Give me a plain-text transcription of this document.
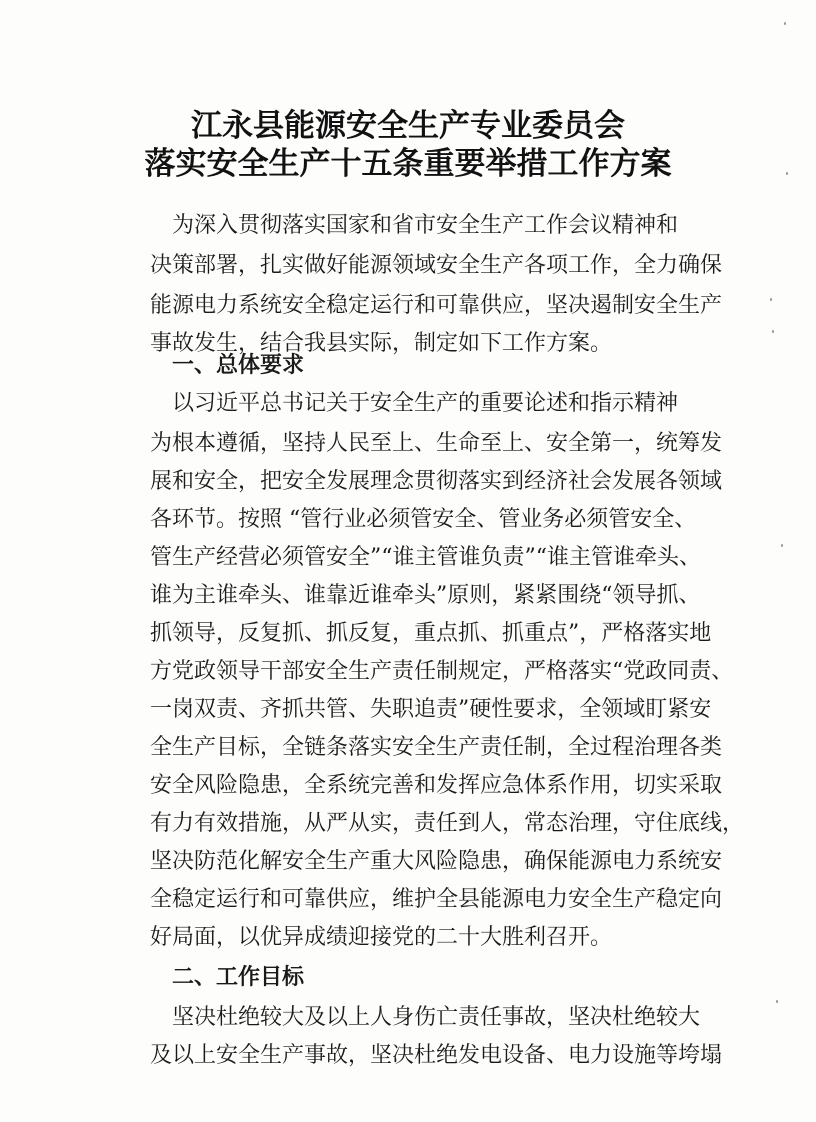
江永县能源安全生产专业委员会
落实安全生产十五条重要举措工作方案
为深入贯彻落实国家和省市安全生产工作会议精神和
决策部署，扎实做好能源领域安全生产各项工作，全力确保
能源电力系统安全稳定运行和可靠供应，坚决遏制安全生产
事故发生，结合我县实际，制定如下工作方案。
一、总体要求
以习近平总书记关于安全生产的重要论述和指示精神
为根本遵循，坚持人民至上、生命至上、安全第一，统筹发
展和安全，把安全发展理念贯彻落实到经济社会发展各领域
各环节。按照 “管行业必须管安全、管业务必须管安全、
管生产经营必须管安全”“谁主管谁负责”“谁主管谁牵头、
谁为主谁牵头、谁靠近谁牵头”原则，紧紧围绕“领导抓、
抓领导，反复抓、抓反复，重点抓、抓重点”，严格落实地
方党政领导干部安全生产责任制规定，严格落实“党政同责、
一岗双责、齐抓共管、失职追责”硬性要求，全领域盯紧安
全生产目标，全链条落实安全生产责任制，全过程治理各类
安全风险隐患，全系统完善和发挥应急体系作用，切实采取
有力有效措施，从严从实，责任到人，常态治理，守住底线，
坚决防范化解安全生产重大风险隐患，确保能源电力系统安
全稳定运行和可靠供应，维护全县能源电力安全生产稳定向
好局面，以优异成绩迎接党的二十大胜利召开。
二、工作目标
坚决杜绝较大及以上人身伤亡责任事故，坚决杜绝较大
及以上安全生产事故，坚决杜绝发电设备、电力设施等垮塌
